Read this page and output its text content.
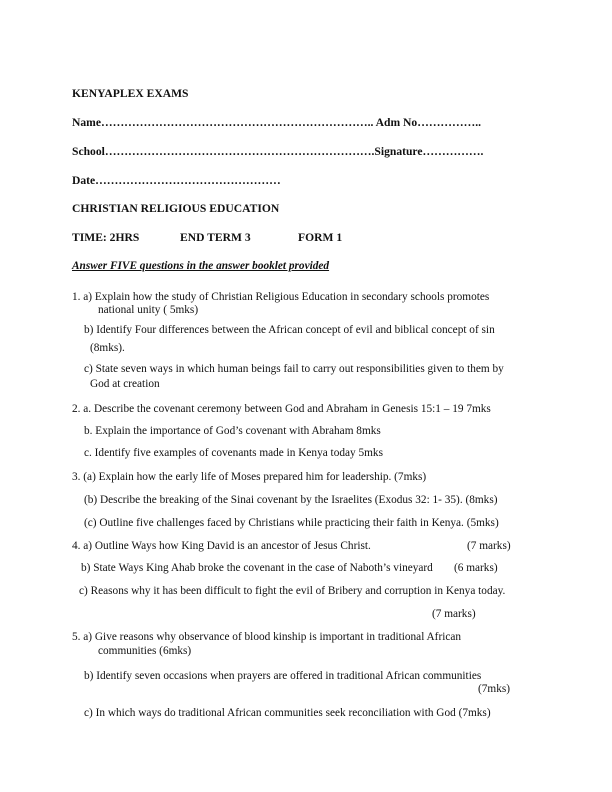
KENYAPLEX EXAMS

Name…………………………………………………………….. Adm No……………..

School…………………………………………………………….Signature…………….

Date…………………………………………

CHRISTIAN RELIGIOUS EDUCATION

TIME: 2HRS	END TERM 3	FORM 1

Answer FIVE questions in the answer booklet provided

1. a) Explain how the study of Christian Religious Education in secondary schools promotes

national unity ( 5mks)

b) Identify Four differences between the African concept of evil and biblical concept of sin

(8mks).

c) State seven ways in which human beings fail to carry out responsibilities given to them by

God at creation

2. a. Describe the covenant ceremony between God and Abraham in Genesis 15:1 – 19 7mks

b. Explain the importance of God’s covenant with Abraham 8mks

c. Identify five examples of covenants made in Kenya today 5mks

3. (a) Explain how the early life of Moses prepared him for leadership. (7mks)

(b) Describe the breaking of the Sinai covenant by the Israelites (Exodus 32: 1- 35). (8mks)

(c) Outline five challenges faced by Christians while practicing their faith in Kenya. (5mks)

4. a) Outline Ways how King David is an ancestor of Jesus Christ.	(7 marks)

b) State Ways King Ahab broke the covenant in the case of Naboth’s vineyard (6 marks)

c) Reasons why it has been difficult to fight the evil of Bribery and corruption in Kenya today.

(7 marks)

5. a) Give reasons why observance of blood kinship is important in traditional African

communities (6mks)

b) Identify seven occasions when prayers are offered in traditional African communities

(7mks)

c) In which ways do traditional African communities seek reconciliation with God (7mks)
